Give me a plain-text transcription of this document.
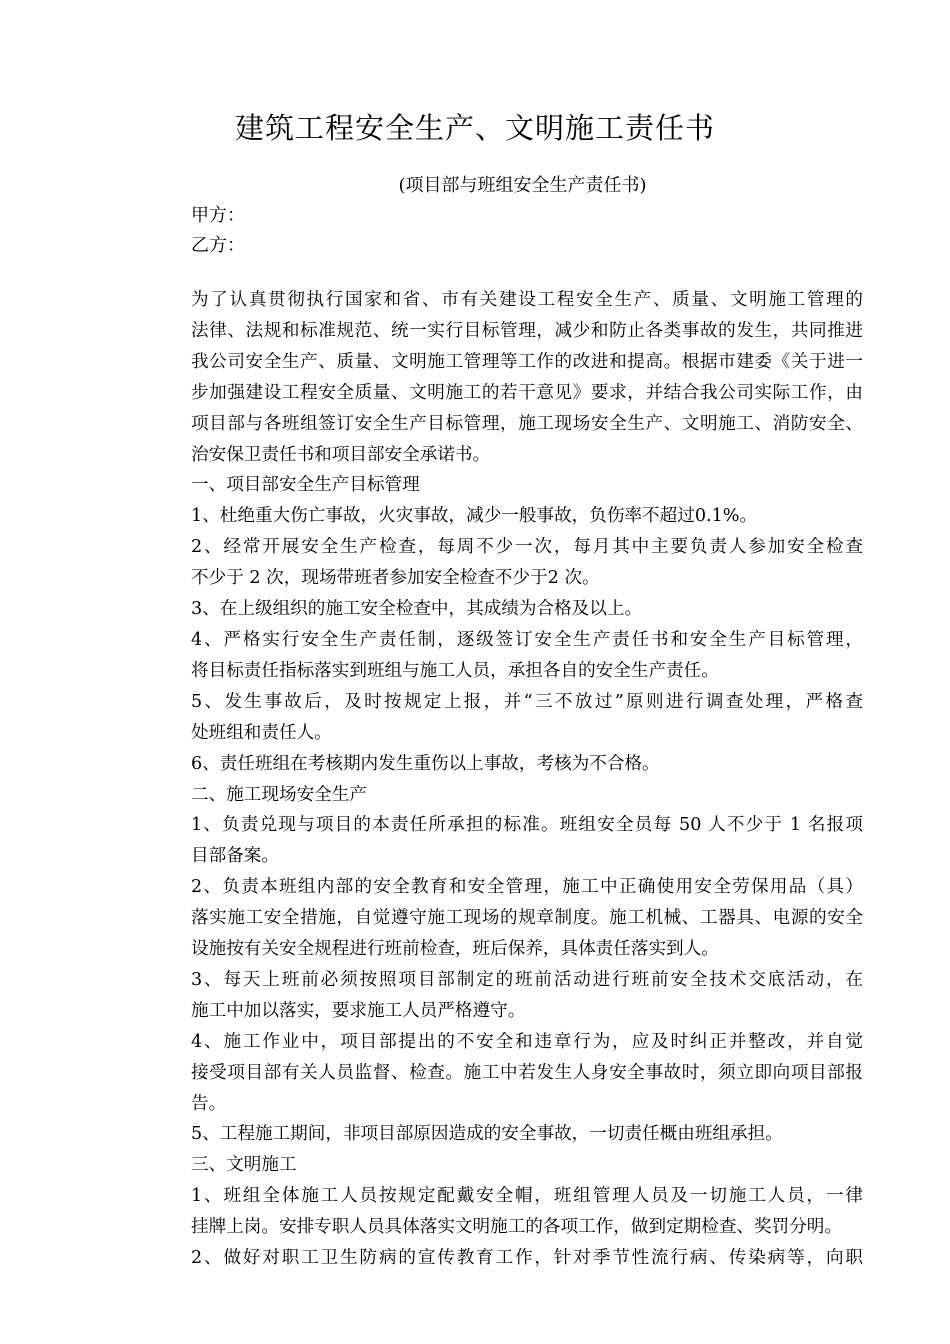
建筑工程安全生产、文明施工责任书
(项目部与班组安全生产责任书)
甲方：
乙方：

为了认真贯彻执行国家和省、市有关建设工程安全生产、质量、文明施工管理的
法律、法规和标准规范、统一实行目标管理，减少和防止各类事故的发生，共同推进
我公司安全生产、质量、文明施工管理等工作的改进和提高。根据市建委《关于进一
步加强建设工程安全质量、文明施工的若干意见》要求，并结合我公司实际工作，由
项目部与各班组签订安全生产目标管理，施工现场安全生产、文明施工、消防安全、
治安保卫责任书和项目部安全承诺书。

一、项目部安全生产目标管理

1、杜绝重大伤亡事故，火灾事故，减少一般事故，负伤率不超过0.1%。

2、经常开展安全生产检查，每周不少一次，每月其中主要负责人参加安全检查
不少于 2 次，现场带班者参加安全检查不少于2 次。

3、在上级组织的施工安全检查中，其成绩为合格及以上。

4、严格实行安全生产责任制，逐级签订安全生产责任书和安全生产目标管理，
将目标责任指标落实到班组与施工人员，承担各自的安全生产责任。

5、发生事故后，及时按规定上报，并“三不放过”原则进行调查处理，严格查
处班组和责任人。

6、责任班组在考核期内发生重伤以上事故，考核为不合格。

二、施工现场安全生产

1、负责兑现与项目的本责任所承担的标准。班组安全员每 50 人不少于 1 名报项
目部备案。

2、负责本班组内部的安全教育和安全管理，施工中正确使用安全劳保用品（具）
落实施工安全措施，自觉遵守施工现场的规章制度。施工机械、工器具、电源的安全
设施按有关安全规程进行班前检查，班后保养，具体责任落实到人。

3、每天上班前必须按照项目部制定的班前活动进行班前安全技术交底活动，在
施工中加以落实，要求施工人员严格遵守。

4、施工作业中，项目部提出的不安全和违章行为，应及时纠正并整改，并自觉
接受项目部有关人员监督、检查。施工中若发生人身安全事故时，须立即向项目部报
告。

5、工程施工期间，非项目部原因造成的安全事故，一切责任概由班组承担。

三、文明施工

1、班组全体施工人员按规定配戴安全帽，班组管理人员及一切施工人员，一律
挂牌上岗。安排专职人员具体落实文明施工的各项工作，做到定期检查、奖罚分明。

2、做好对职工卫生防病的宣传教育工作，针对季节性流行病、传染病等，向职
